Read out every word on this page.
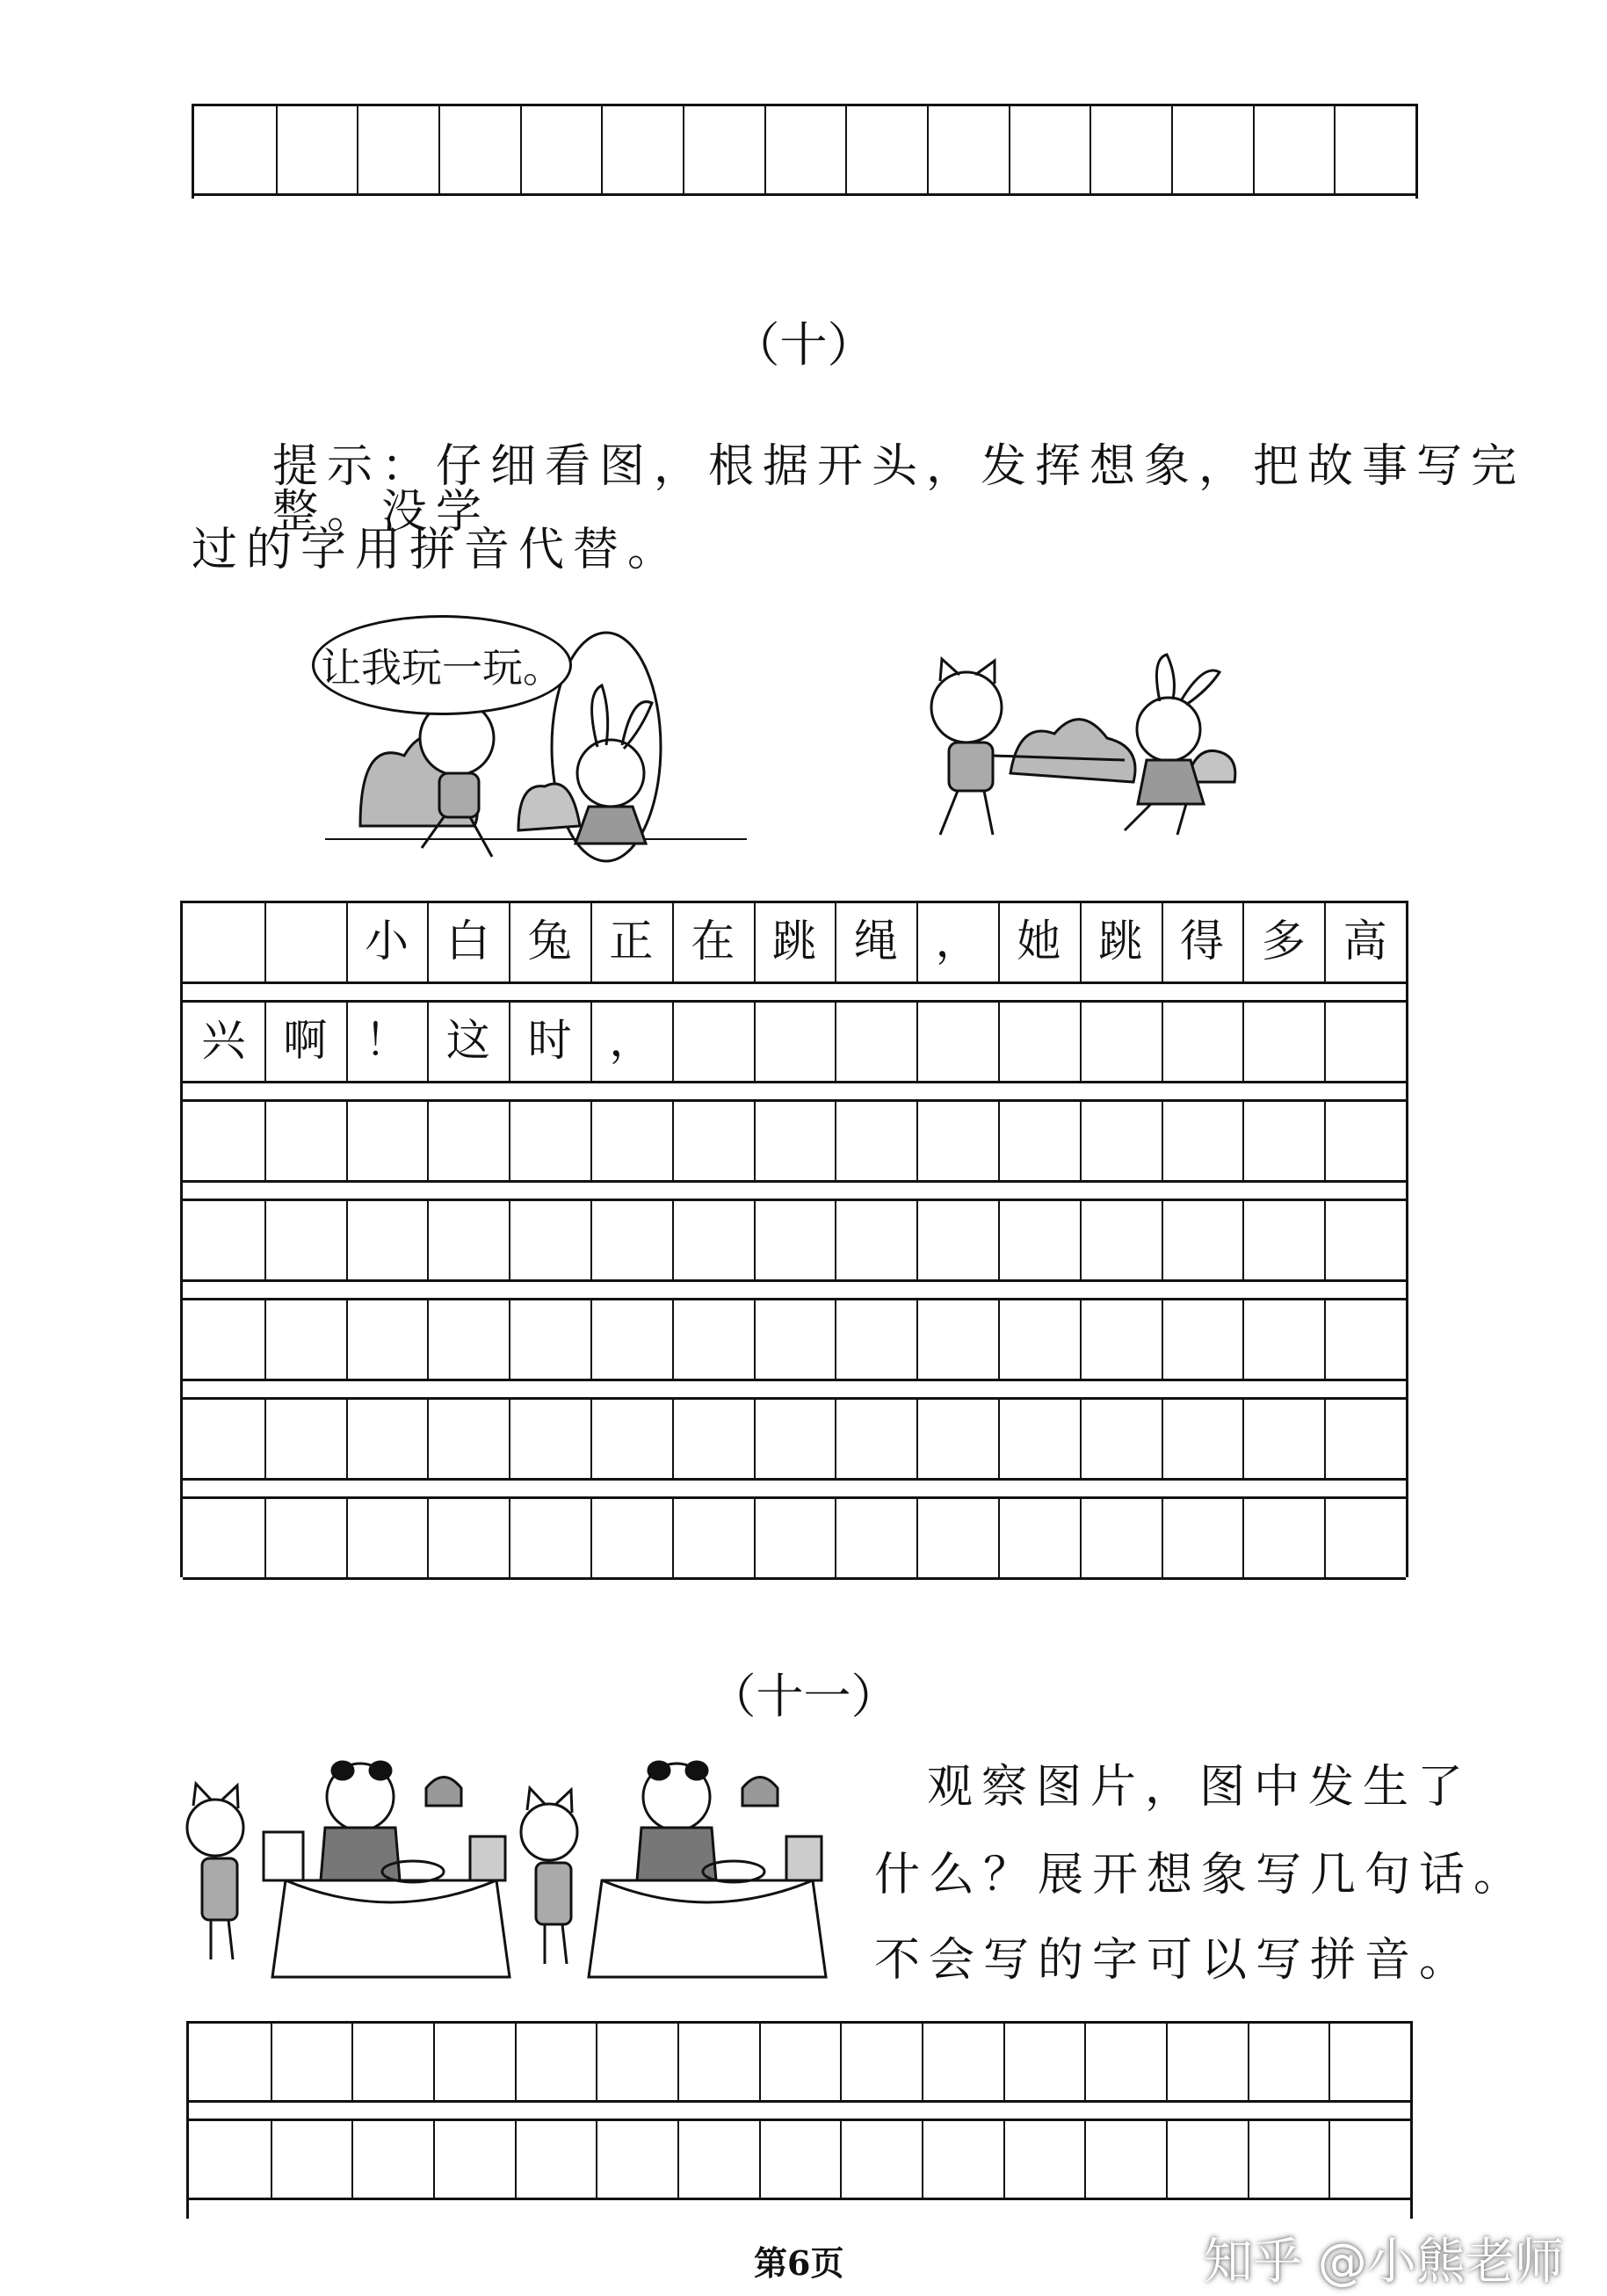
（十）
提示：仔细看图，根据开头，发挥想象，把故事写完整。没学
过的字用拼音代替。
让我玩一玩。
小 白 兔 正 在 跳 绳 ， 她 跳 得 多 高
兴 啊 ！ 这 时 ，
（十一）
观察图片，图中发生了
什么？展开想象写几句话。
不会写的字可以写拼音。
第6页	知乎 @小熊老师
